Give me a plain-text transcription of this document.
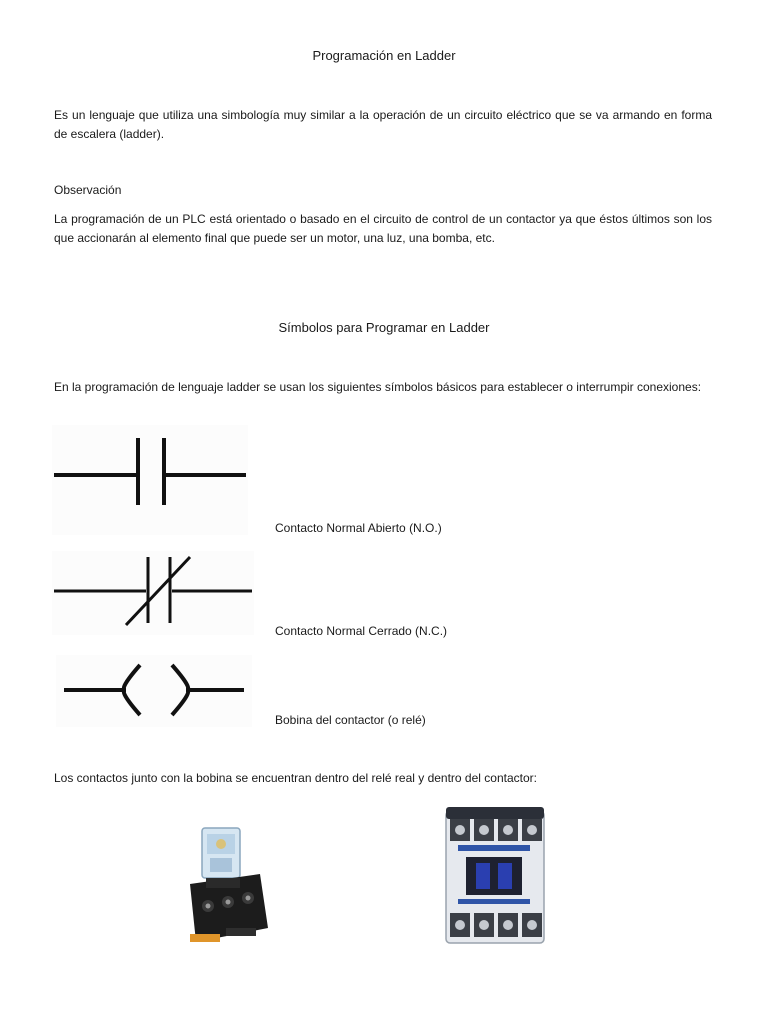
Programación en Ladder
Es un lenguaje que utiliza una simbología muy similar a la operación de un circuito eléctrico que se va armando en forma de escalera (ladder).
Observación
La programación de un PLC está orientado o basado en el circuito de control de un contactor ya que éstos últimos son los que accionarán al elemento final que puede ser un motor, una luz, una bomba, etc.
Símbolos para Programar en Ladder
En la programación de lenguaje ladder se usan los siguientes símbolos básicos para establecer o interrumpir conexiones:
Contacto Normal Abierto (N.O.)
Contacto Normal Cerrado (N.C.)
Bobina del contactor (o relé)
Los contactos junto con la bobina se encuentran dentro del relé real y dentro del contactor:
